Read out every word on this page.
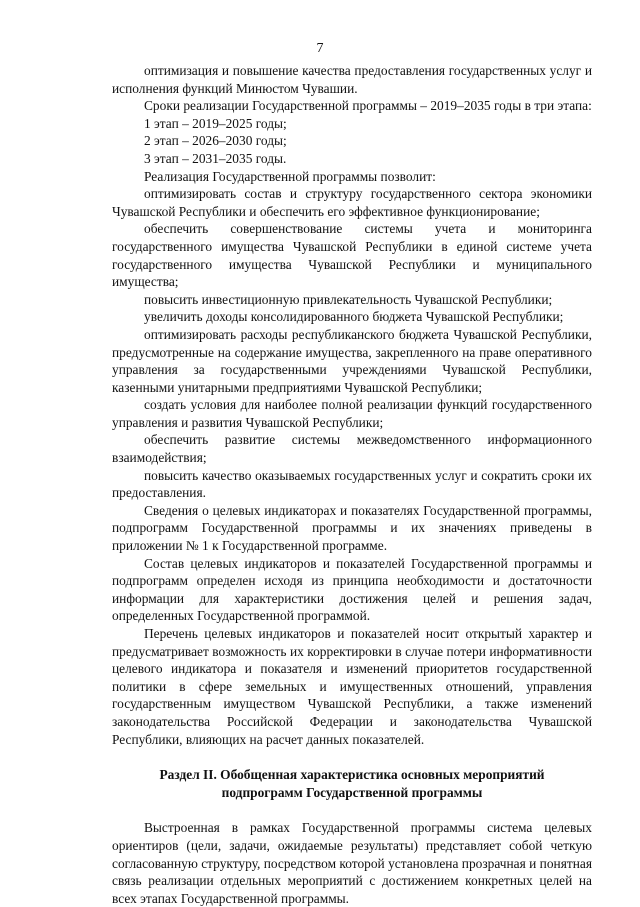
7

оптимизация и повышение качества предоставления государственных услуг и исполнения функций Минюстом Чувашии.

Сроки реализации Государственной программы – 2019–2035 годы в три этапа:

1 этап – 2019–2025 годы;

2 этап – 2026–2030 годы;

3 этап – 2031–2035 годы.

Реализация Государственной программы позволит:

оптимизировать состав и структуру государственного сектора экономики Чувашской Республики и обеспечить его эффективное функционирование;

обеспечить совершенствование системы учета и мониторинга государственного имущества Чувашской Республики в единой системе учета государственного имущества Чувашской Республики и муниципального имущества;

повысить инвестиционную привлекательность Чувашской Республики;

увеличить доходы консолидированного бюджета Чувашской Республики;

оптимизировать расходы республиканского бюджета Чувашской Республики, предусмотренные на содержание имущества, закрепленного на праве оперативного управления за государственными учреждениями Чувашской Республики, казенными унитарными предприятиями Чувашской Республики;

создать условия для наиболее полной реализации функций государственного управления и развития Чувашской Республики;

обеспечить развитие системы межведомственного информационного взаимодействия;

повысить качество оказываемых государственных услуг и сократить сроки их предоставления.

Сведения о целевых индикаторах и показателях Государственной программы, подпрограмм Государственной программы и их значениях приведены в приложении № 1 к Государственной программе.

Состав целевых индикаторов и показателей Государственной программы и подпрограмм определен исходя из принципа необходимости и достаточности информации для характеристики достижения целей и решения задач, определенных Государственной программой.

Перечень целевых индикаторов и показателей носит открытый характер и предусматривает возможность их корректировки в случае потери информативности целевого индикатора и показателя и изменений приоритетов государственной политики в сфере земельных и имущественных отношений, управления государственным имуществом Чувашской Республики, а также изменений законодательства Российской Федерации и законодательства Чувашской Республики, влияющих на расчет данных показателей.

Раздел II. Обобщенная характеристика основных мероприятий
подпрограмм Государственной программы

Выстроенная в рамках Государственной программы система целевых ориентиров (цели, задачи, ожидаемые результаты) представляет собой четкую согласованную структуру, посредством которой установлена прозрачная и понятная связь реализации отдельных мероприятий с достижением конкретных целей на всех этапах Государственной программы.
